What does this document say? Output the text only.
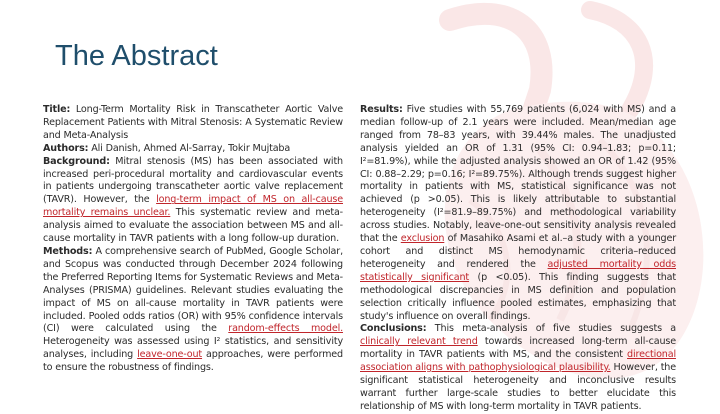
The Abstract

Title: Long-Term Mortality Risk in Transcatheter Aortic Valve Replacement Patients with Mitral Stenosis: A Systematic Review and Meta-Analysis

Authors: Ali Danish, Ahmed Al-Sarray, Tokir Mujtaba

Background: Mitral stenosis (MS) has been associated with increased peri-procedural mortality and cardiovascular events in patients undergoing transcatheter aortic valve replacement (TAVR). However, the long-term impact of MS on all-cause mortality remains unclear. This systematic review and meta-analysis aimed to evaluate the association between MS and all-cause mortality in TAVR patients with a long follow-up duration.

Methods: A comprehensive search of PubMed, Google Scholar, and Scopus was conducted through December 2024 following the Preferred Reporting Items for Systematic Reviews and Meta-Analyses (PRISMA) guidelines. Relevant studies evaluating the impact of MS on all-cause mortality in TAVR patients were included. Pooled odds ratios (OR) with 95% confidence intervals (CI) were calculated using the random-effects model. Heterogeneity was assessed using I² statistics, and sensitivity analyses, including leave-one-out approaches, were performed to ensure the robustness of findings.

Results: Five studies with 55,769 patients (6,024 with MS) and a median follow-up of 2.1 years were included. Mean/median age ranged from 78–83 years, with 39.44% males. The unadjusted analysis yielded an OR of 1.31 (95% CI: 0.94–1.83; p=0.11; I²=81.9%), while the adjusted analysis showed an OR of 1.42 (95% CI: 0.88–2.29; p=0.16; I²=89.75%). Although trends suggest higher mortality in patients with MS, statistical significance was not achieved (p >0.05). This is likely attributable to substantial heterogeneity (I²=81.9–89.75%) and methodological variability across studies. Notably, leave-one-out sensitivity analysis revealed that the exclusion of Masahiko Asami et al.–a study with a younger cohort and distinct MS hemodynamic criteria–reduced heterogeneity and rendered the adjusted mortality odds statistically significant (p <0.05). This finding suggests that methodological discrepancies in MS definition and population selection critically influence pooled estimates, emphasizing that study's influence on overall findings.

Conclusions: This meta-analysis of five studies suggests a clinically relevant trend towards increased long-term all-cause mortality in TAVR patients with MS, and the consistent directional association aligns with pathophysiological plausibility. However, the significant statistical heterogeneity and inconclusive results warrant further large-scale studies to better elucidate this relationship of MS with long-term mortality in TAVR patients.
